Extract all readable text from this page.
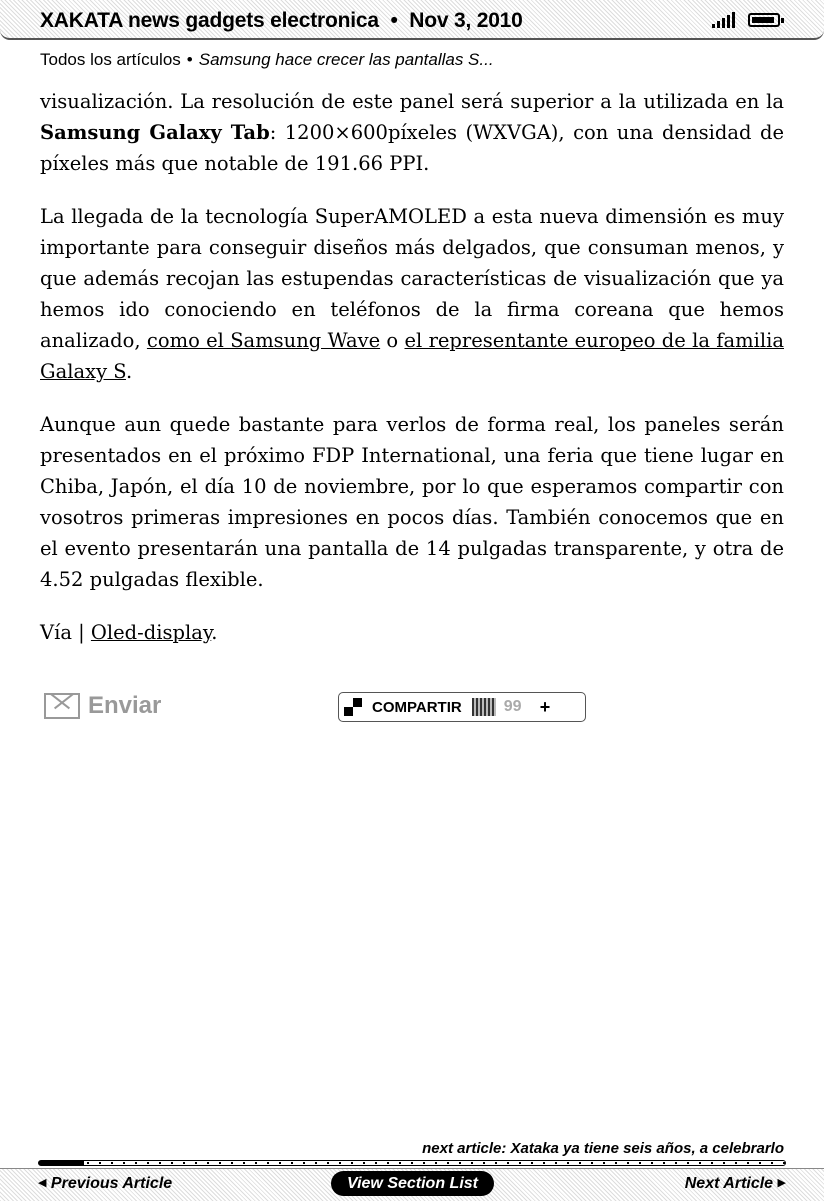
XAKATA news gadgets electronica • Nov 3, 2010
Todos los artículos • Samsung hace crecer las pantallas S...

visualización. La resolución de este panel será superior a la utilizada en la Samsung Galaxy Tab: 1200×600píxeles (WXVGA), con una densidad de píxeles más que notable de 191.66 PPI.

La llegada de la tecnología SuperAMOLED a esta nueva dimensión es muy importante para conseguir diseños más delgados, que consuman menos, y que además recojan las estupendas características de visualización que ya hemos ido conociendo en teléfonos de la firma coreana que hemos analizado, como el Samsung Wave o el representante europeo de la familia Galaxy S.

Aunque aun quede bastante para verlos de forma real, los paneles serán presentados en el próximo FDP International, una feria que tiene lugar en Chiba, Japón, el día 10 de noviembre, por lo que esperamos compartir con vosotros primeras impresiones en pocos días. También conocemos que en el evento presentarán una pantalla de 14 pulgadas transparente, y otra de 4.52 pulgadas flexible.

Vía | Oled-display.

Enviar	COMPARTIR	99 +
next article: Xataka ya tiene seis años, a celebrarlo
◀ Previous Article	View Section List	Next Article ▶
